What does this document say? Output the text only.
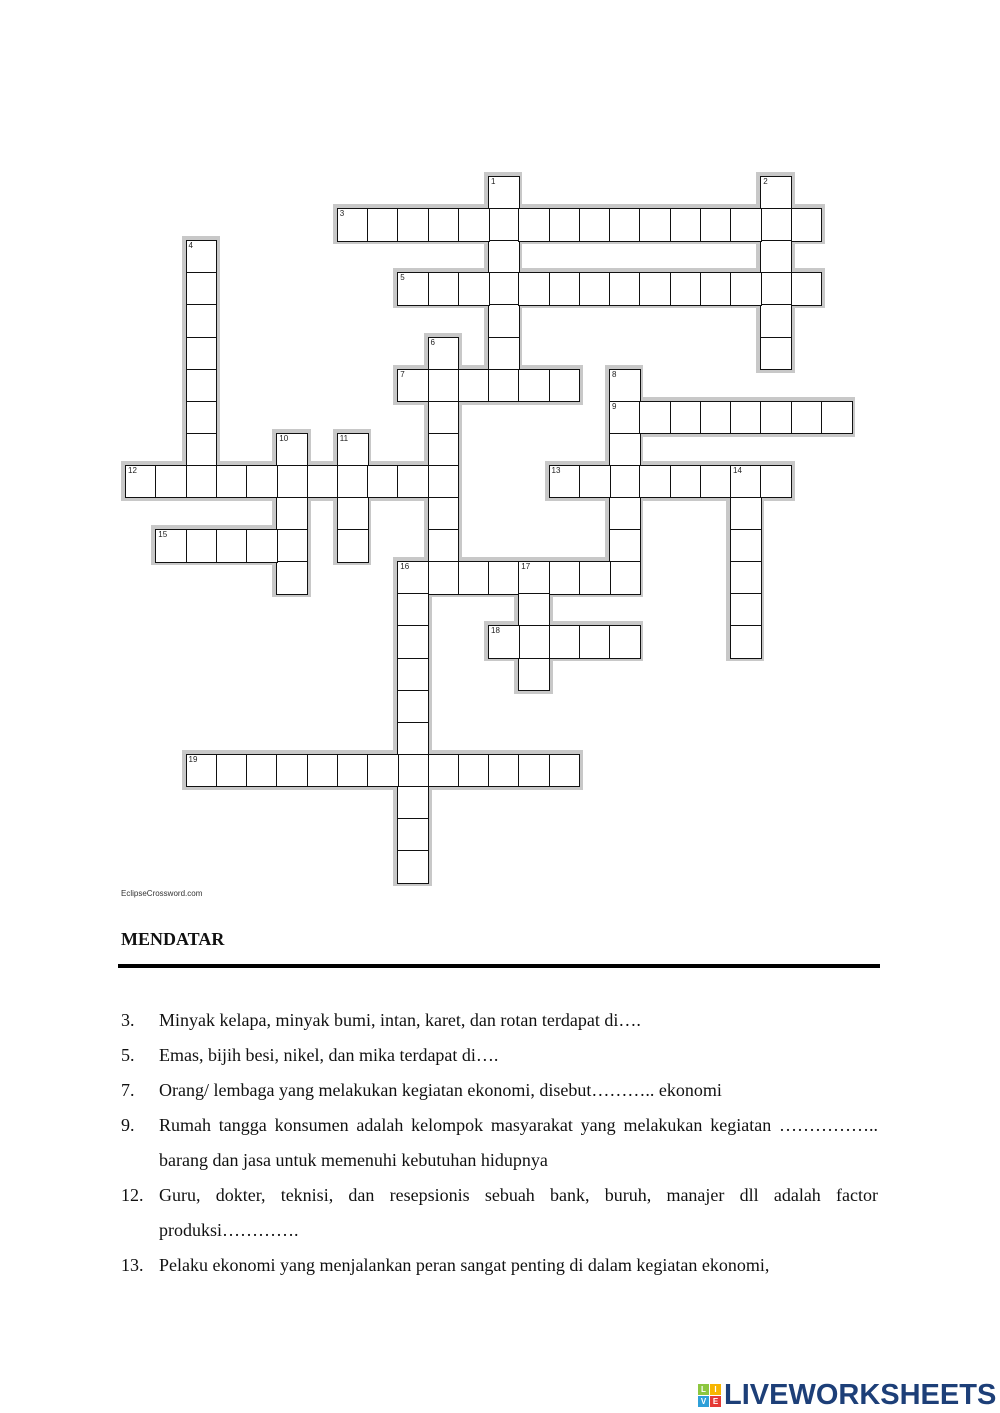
1	2
3
4
5
6
7	8
9
10	11
12	13	14
15
16	17
18
19
EclipseCrossword.com
MENDATAR
3.	Minyak kelapa, minyak bumi, intan, karet, dan rotan terdapat di….
5.	Emas, bijih besi, nikel, dan mika terdapat di….
7.	Orang/ lembaga yang melakukan kegiatan ekonomi, disebut……….. ekonomi
9.	Rumah tangga konsumen adalah kelompok masyarakat yang melakukan kegiatan …………….. barang dan jasa untuk memenuhi kebutuhan hidupnya
12. Guru, dokter, teknisi, dan resepsionis sebuah bank, buruh, manajer dll adalah factor produksi………….
13. Pelaku ekonomi yang menjalankan peran sangat penting di dalam kegiatan ekonomi,
L	I
V E LIVEWORKSHEETS
